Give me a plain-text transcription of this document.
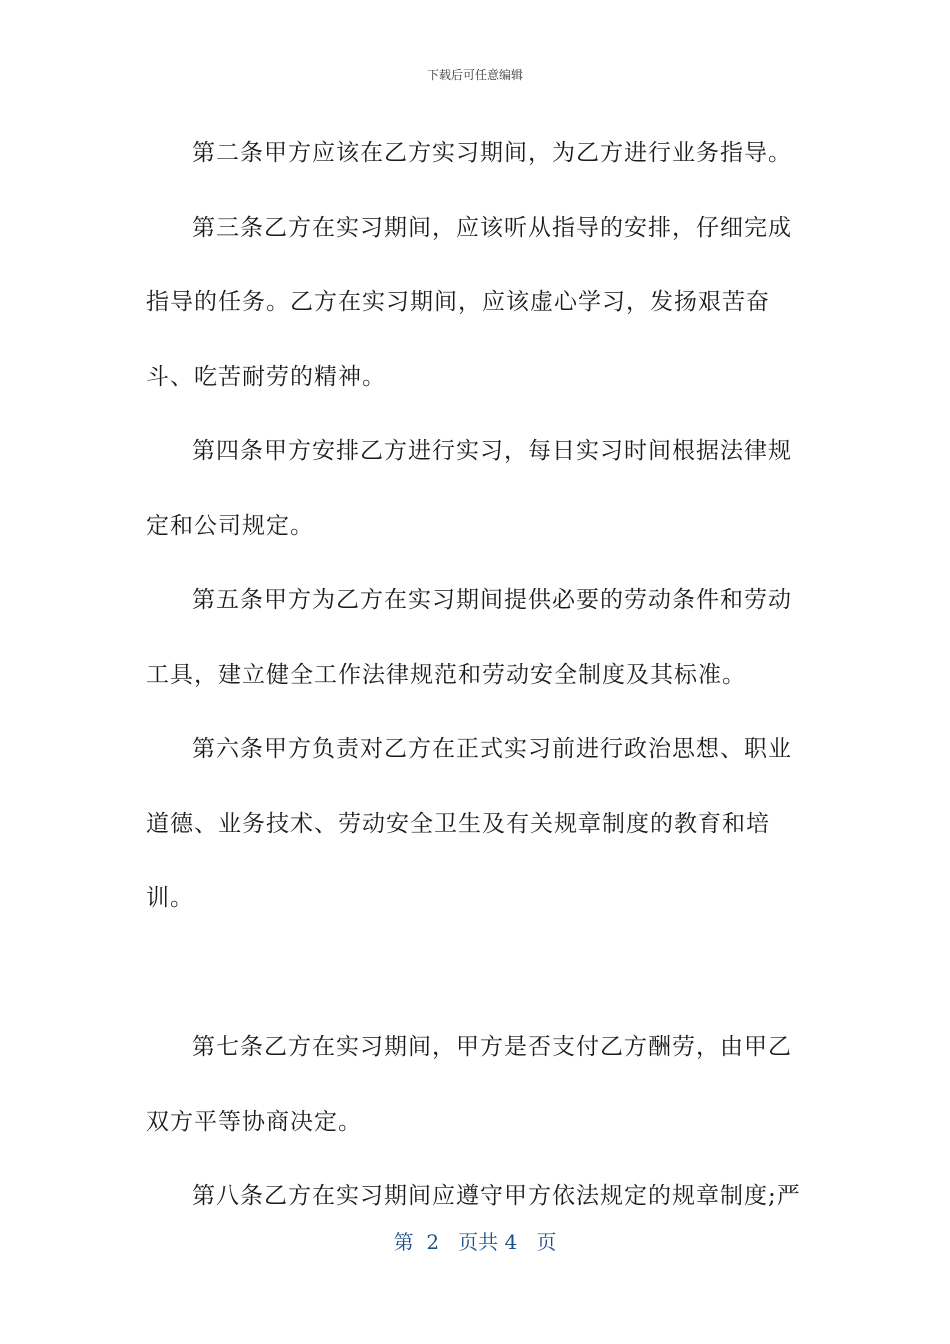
下载后可任意编辑

第二条甲方应该在乙方实习期间，为乙方进行业务指导。

第三条乙方在实习期间，应该听从指导的安排，仔细完成指导的任务。乙方在实习期间，应该虚心学习，发扬艰苦奋斗、吃苦耐劳的精神。

第四条甲方安排乙方进行实习，每日实习时间根据法律规定和公司规定。

第五条甲方为乙方在实习期间提供必要的劳动条件和劳动工具，建立健全工作法律规范和劳动安全制度及其标准。

第六条甲方负责对乙方在正式实习前进行政治思想、职业道德、业务技术、劳动安全卫生及有关规章制度的教育和培训。

第七条乙方在实习期间，甲方是否支付乙方酬劳，由甲乙双方平等协商决定。

第八条乙方在实习期间应遵守甲方依法规定的规章制度;严

第  2   页共 4   页
